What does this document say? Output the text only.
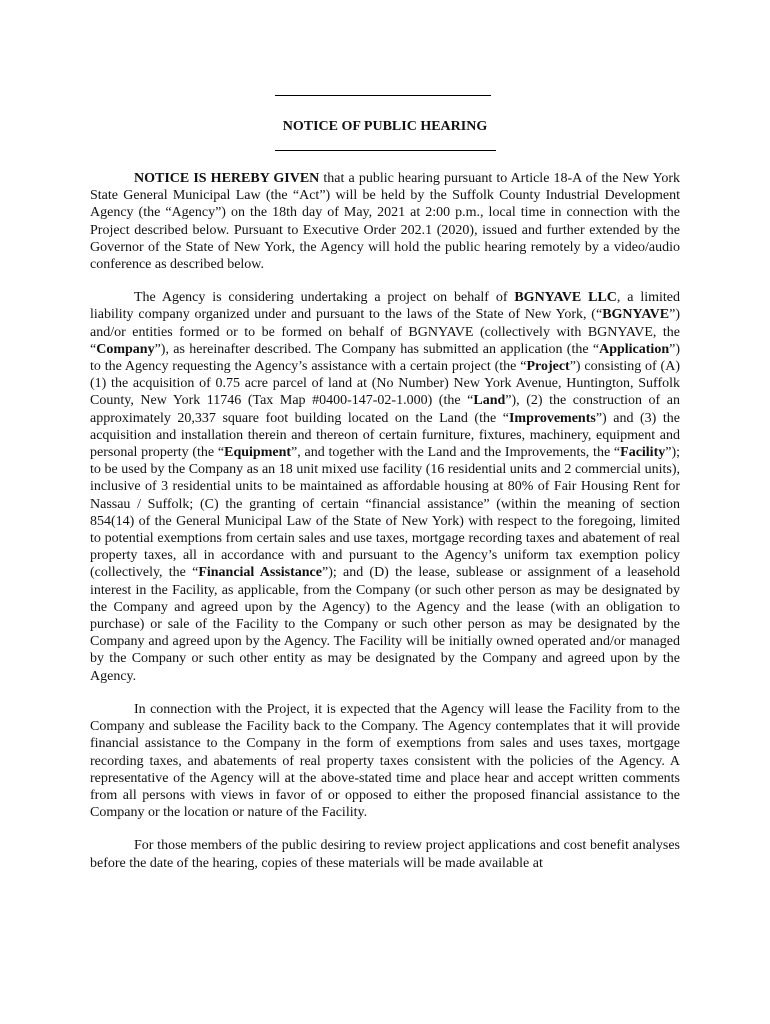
NOTICE OF PUBLIC HEARING

NOTICE IS HEREBY GIVEN that a public hearing pursuant to Article 18-A of the New York State General Municipal Law (the “Act”) will be held by the Suffolk County Industrial Development Agency (the “Agency”) on the 18th day of May, 2021 at 2:00 p.m., local time in connection with the Project described below. Pursuant to Executive Order 202.1 (2020), issued and further extended by the Governor of the State of New York, the Agency will hold the public hearing remotely by a video/audio conference as described below.

The Agency is considering undertaking a project on behalf of BGNYAVE LLC, a limited liability company organized under and pursuant to the laws of the State of New York, (“BGNYAVE”) and/or entities formed or to be formed on behalf of BGNYAVE (collectively with BGNYAVE, the “Company”), as hereinafter described. The Company has submitted an application (the “Application”) to the Agency requesting the Agency’s assistance with a certain project (the “Project”) consisting of (A)(1) the acquisition of 0.75 acre parcel of land at (No Number) New York Avenue, Huntington, Suffolk County, New York 11746 (Tax Map #0400-147-02-1.000) (the “Land”), (2) the construction of an approximately 20,337 square foot building located on the Land (the “Improvements”) and (3) the acquisition and installation therein and thereon of certain furniture, fixtures, machinery, equipment and personal property (the “Equipment”, and together with the Land and the Improvements, the “Facility”); to be used by the Company as an 18 unit mixed use facility (16 residential units and 2 commercial units), inclusive of 3 residential units to be maintained as affordable housing at 80% of Fair Housing Rent for Nassau / Suffolk; (C) the granting of certain “financial assistance” (within the meaning of section 854(14) of the General Municipal Law of the State of New York) with respect to the foregoing, limited to potential exemptions from certain sales and use taxes, mortgage recording taxes and abatement of real property taxes, all in accordance with and pursuant to the Agency’s uniform tax exemption policy (collectively, the “Financial Assistance”); and (D) the lease, sublease or assignment of a leasehold interest in the Facility, as applicable, from the Company (or such other person as may be designated by the Company and agreed upon by the Agency) to the Agency and the lease (with an obligation to purchase) or sale of the Facility to the Company or such other person as may be designated by the Company and agreed upon by the Agency. The Facility will be initially owned operated and/or managed by the Company or such other entity as may be designated by the Company and agreed upon by the Agency.

In connection with the Project, it is expected that the Agency will lease the Facility from to the Company and sublease the Facility back to the Company. The Agency contemplates that it will provide financial assistance to the Company in the form of exemptions from sales and uses taxes, mortgage recording taxes, and abatements of real property taxes consistent with the policies of the Agency. A representative of the Agency will at the above-stated time and place hear and accept written comments from all persons with views in favor of or opposed to either the proposed financial assistance to the Company or the location or nature of the Facility.

For those members of the public desiring to review project applications and cost benefit analyses before the date of the hearing, copies of these materials will be made available at
